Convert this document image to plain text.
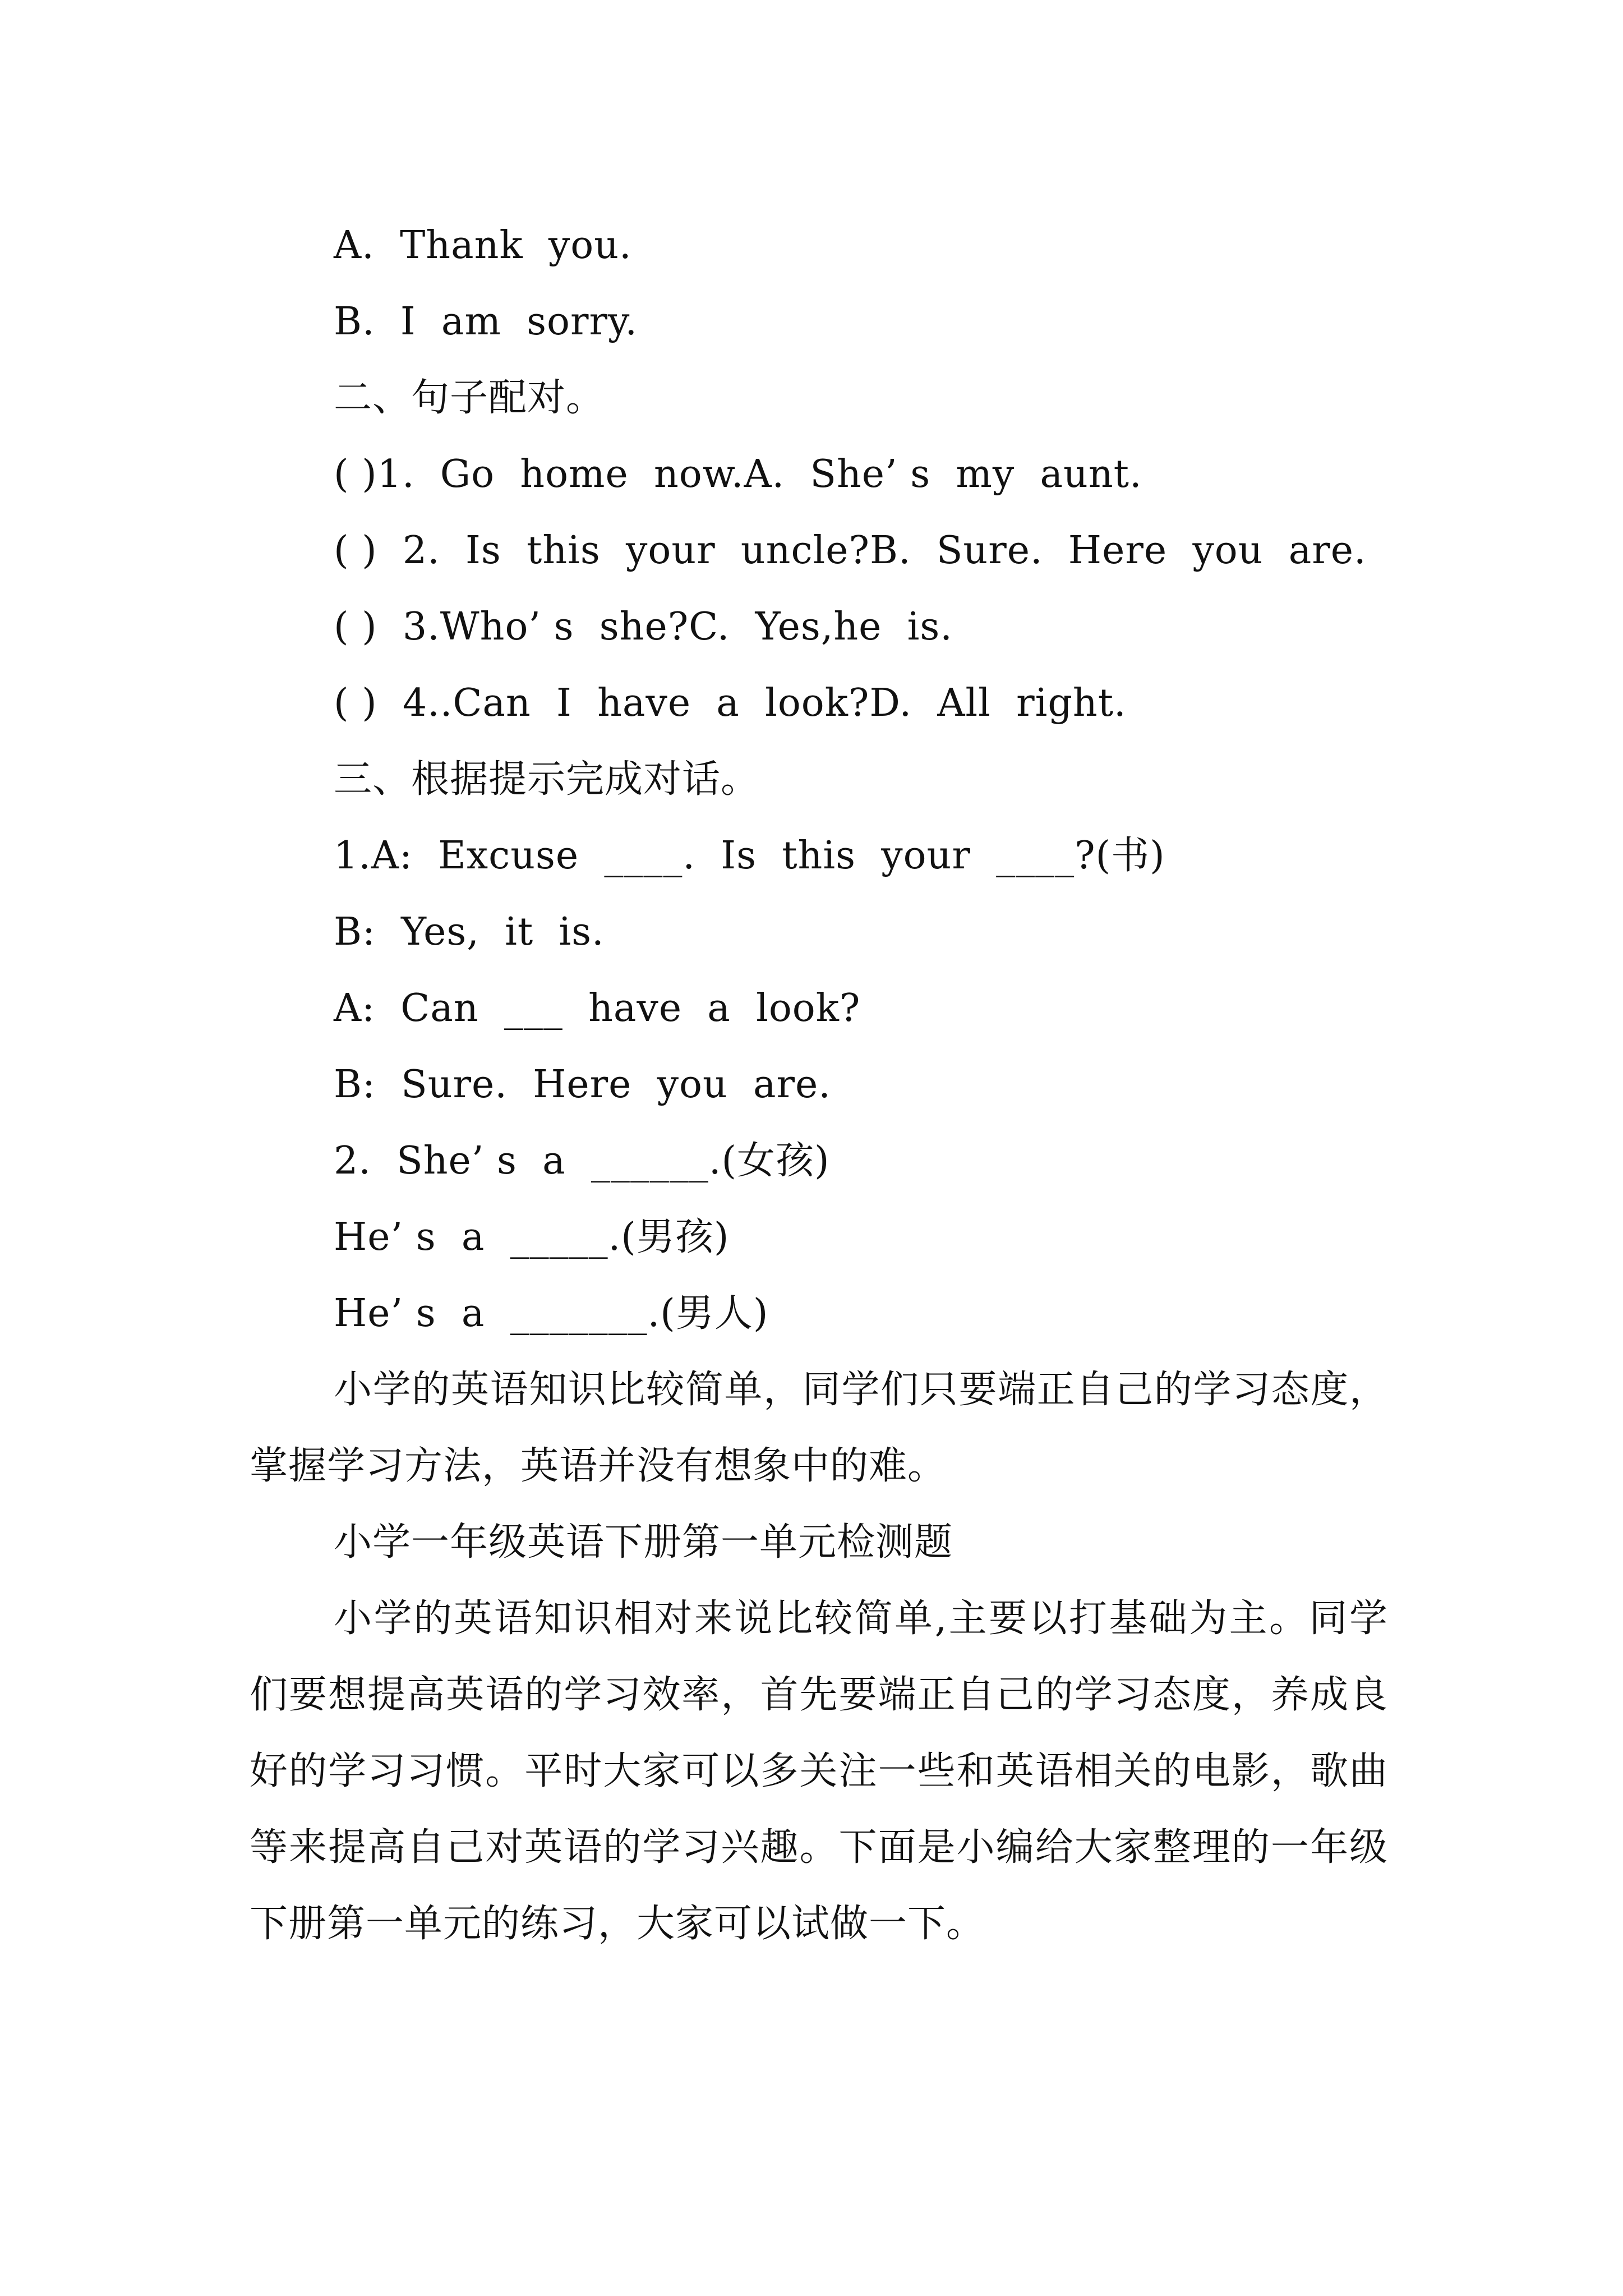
A.  Thank  you.

B.  I  am  sorry.

二、句子配对。

( )1.  Go  home  now.A.  She’ s  my  aunt.

( )  2.  Is  this  your  uncle?B.  Sure.  Here  you  are.

( )  3.Who’ s  she?C.  Yes,he  is.

( )  4..Can  I  have  a  look?D.  All  right.

三、根据提示完成对话。

1.A:  Excuse  ____.  Is  this  your  ____?(书)

B:  Yes,  it  is.

A:  Can  ___  have  a  look?

B:  Sure.  Here  you  are.

2.  She’ s  a  ______.(女孩)

He’ s  a  _____.(男孩)

He’ s  a  _______.(男人)

小学的英语知识比较简单，同学们只要端正自己的学习态度，掌握学习方法，英语并没有想象中的难。

小学一年级英语下册第一单元检测题

小学的英语知识相对来说比较简单,主要以打基础为主。同学们要想提高英语的学习效率，首先要端正自己的学习态度，养成良好的学习习惯。平时大家可以多关注一些和英语相关的电影，歌曲等来提高自己对英语的学习兴趣。下面是小编给大家整理的一年级下册第一单元的练习，大家可以试做一下。
